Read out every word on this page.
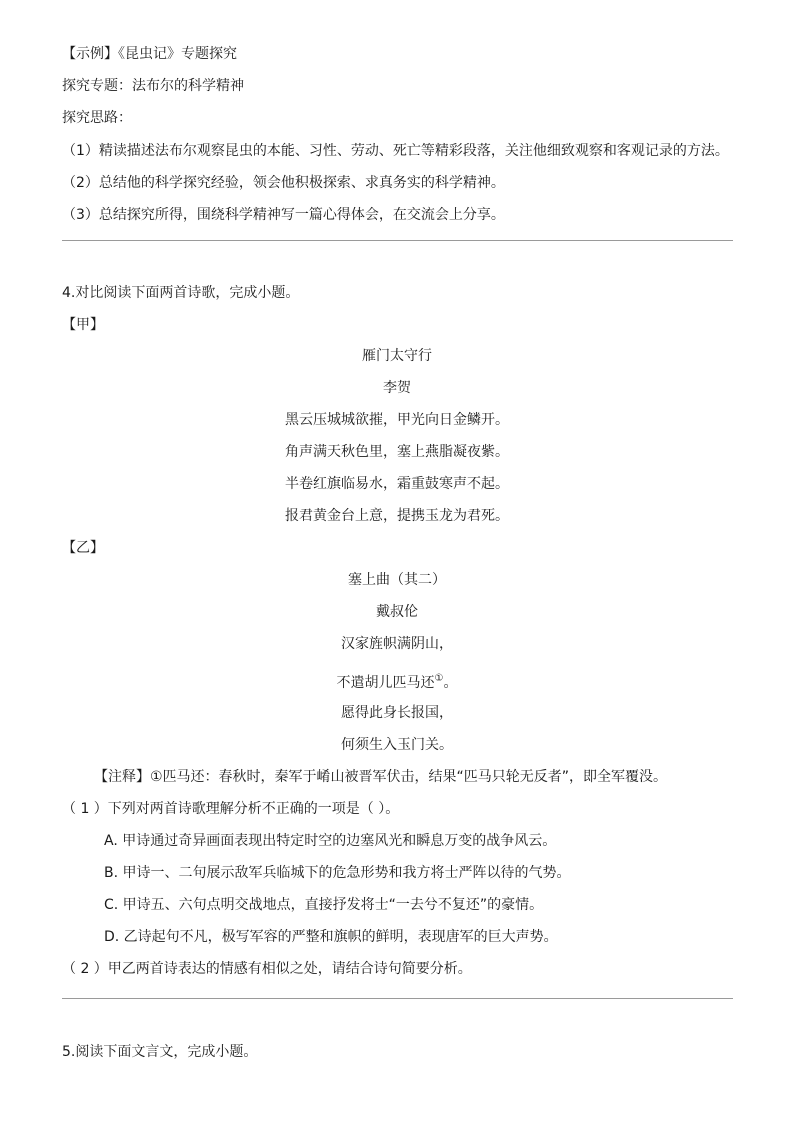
【示例】《昆虫记》专题探究
探究专题：法布尔的科学精神
探究思路：
（1）精读描述法布尔观察昆虫的本能、习性、劳动、死亡等精彩段落，关注他细致观察和客观记录的方法。
（2）总结他的科学探究经验，领会他积极探索、求真务实的科学精神。
（3）总结探究所得，围绕科学精神写一篇心得体会，在交流会上分享。
4.对比阅读下面两首诗歌，完成小题。
【甲】
雁门太守行
李贺
黑云压城城欲摧，甲光向日金鳞开。
角声满天秋色里，塞上燕脂凝夜紫。
半卷红旗临易水，霜重鼓寒声不起。
报君黄金台上意，提携玉龙为君死。
【乙】
塞上曲（其二）
戴叔伦
汉家旌帜满阴山，
不遣胡儿匹马还①。
愿得此身长报国，
何须生入玉门关。
【注释】①匹马还：春秋时，秦军于崤山被晋军伏击，结果“匹马只轮无反者”，即全军覆没。
（ 1 ）下列对两首诗歌理解分析不正确的一项是（ ）。
A. 甲诗通过奇异画面表现出特定时空的边塞风光和瞬息万变的战争风云。
B. 甲诗一、二句展示敌军兵临城下的危急形势和我方将士严阵以待的气势。
C. 甲诗五、六句点明交战地点，直接抒发将士“一去兮不复还”的豪情。
D. 乙诗起句不凡，极写军容的严整和旗帜的鲜明，表现唐军的巨大声势。
（ 2 ）甲乙两首诗表达的情感有相似之处，请结合诗句简要分析。
5.阅读下面文言文，完成小题。
